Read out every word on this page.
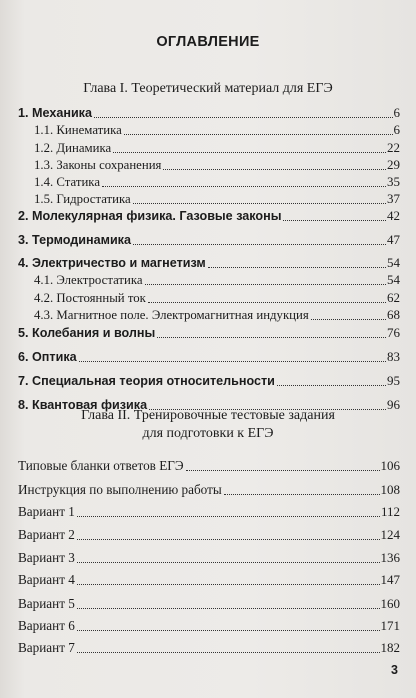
ОГЛАВЛЕНИЕ
Глава I. Теоретический материал для ЕГЭ
1. Механика	6
1.1. Кинематика	6
1.2. Динамика	22
1.3. Законы сохранения	29
1.4. Статика	35
1.5. Гидростатика	37
2. Молекулярная физика. Газовые законы	42
3. Термодинамика	47
4. Электричество и магнетизм	54
4.1. Электростатика	54
4.2. Постоянный ток	62
4.3. Магнитное поле. Электромагнитная индукция	68
5. Колебания и волны	76
6. Оптика	83
7. Специальная теория относительности	95
8. Квантовая физика	96
Глава II. Тренировочные тестовые задания
для подготовки к ЕГЭ
Типовые бланки ответов ЕГЭ	106
Инструкция по выполнению работы	108
Вариант 1	112
Вариант 2	124
Вариант 3	136
Вариант 4	147
Вариант 5	160
Вариант 6	171
Вариант 7	182
3
